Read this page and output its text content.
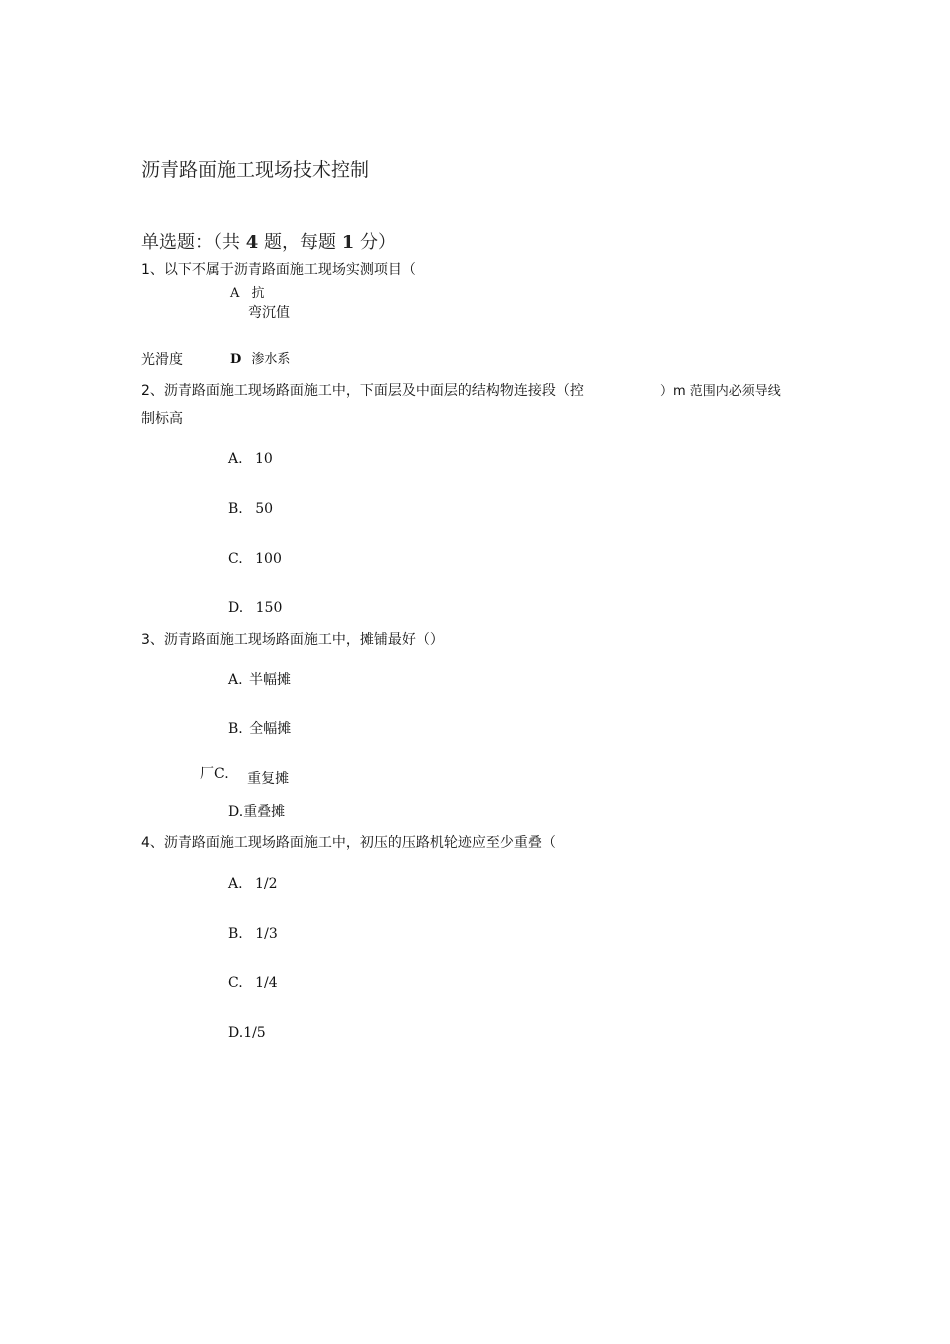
沥青路面施工现场技术控制
单选题：（共 4 题，每题 1 分）
1、以下不属于沥青路面施工现场实测项目（
A 抗
弯沉值
光滑度	D 渗水系
2、沥青路面施工现场路面施工中，下面层及中面层的结构物连接段（控	）m 范围内必须导线
制标高
A. 10
B. 50
C. 100
D. 150
3、沥青路面施工现场路面施工中，摊铺最好（）
A. 半幅摊
B. 全幅摊
厂C. 重复摊
D.重叠摊
4、沥青路面施工现场路面施工中，初压的压路机轮迹应至少重叠（
A. 1/2
B. 1/3
C. 1/4
D.1/5
